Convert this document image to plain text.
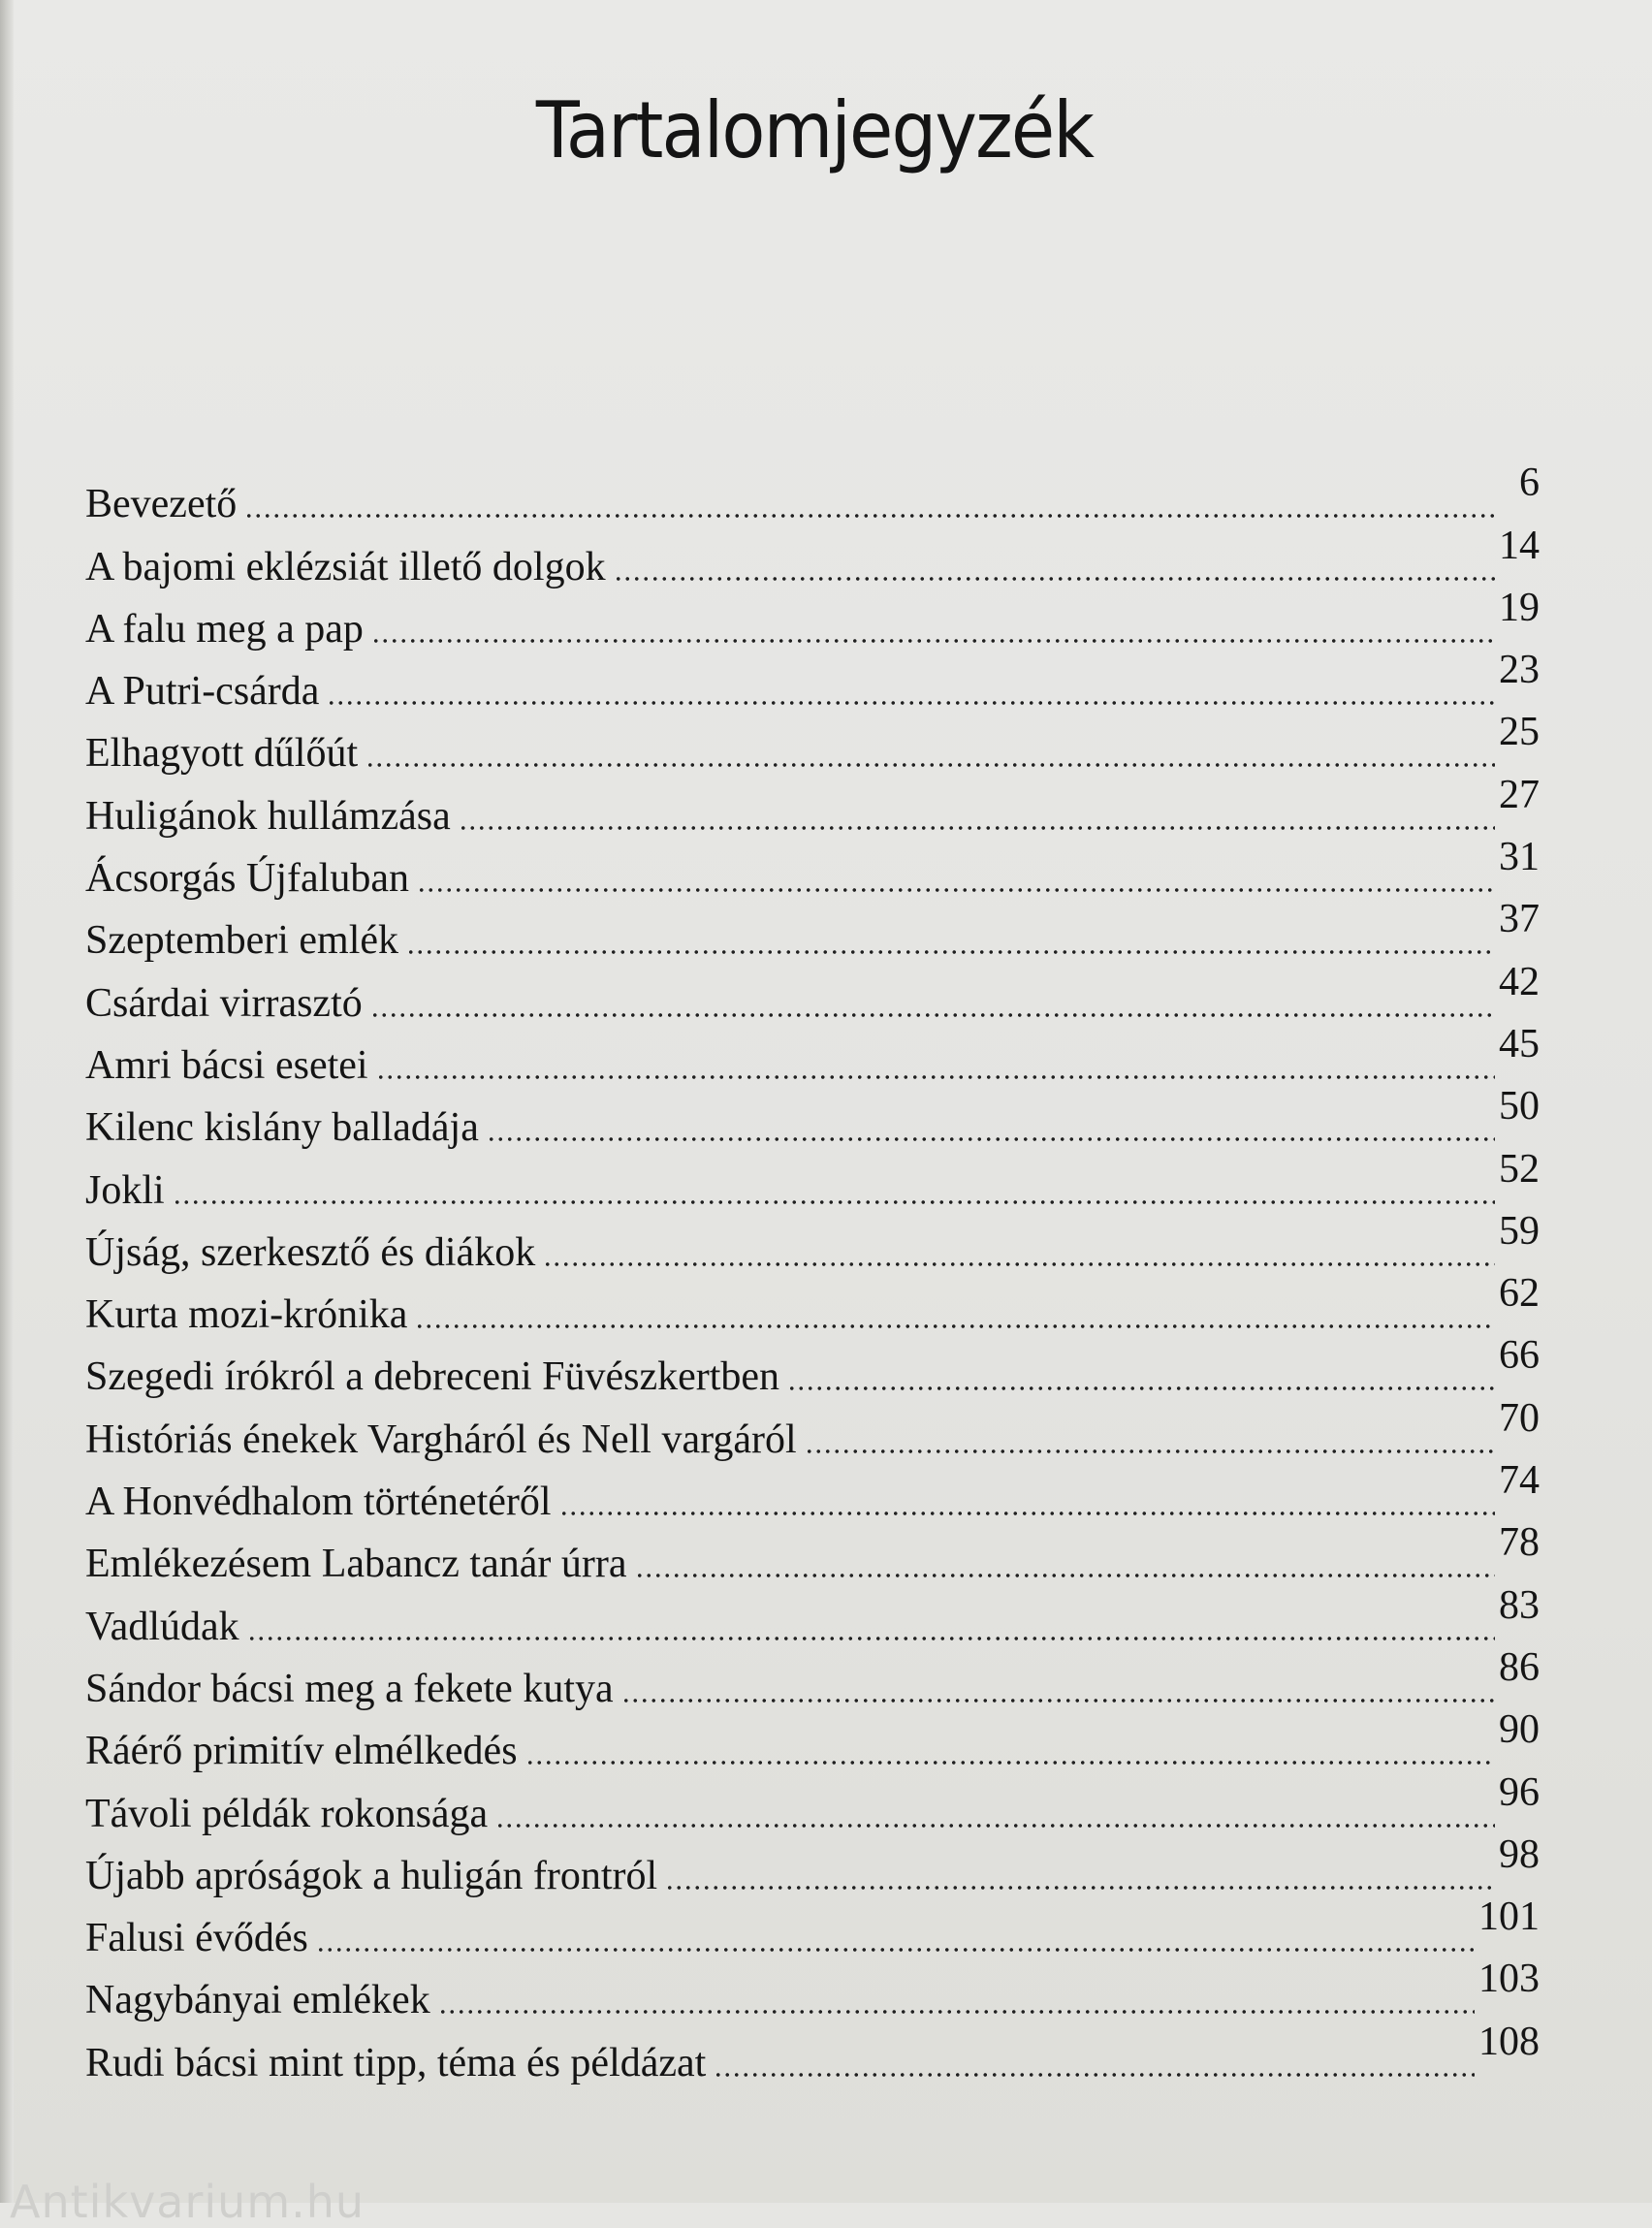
Tartalomjegyzék
Bevezető	6
A bajomi eklézsiát illető dolgok	14
A falu meg a pap	19
A Putri-csárda	23
Elhagyott dűlőút	25
Huligánok hullámzása	27
Ácsorgás Újfaluban	31
Szeptemberi emlék	37
Csárdai virrasztó	42
Amri bácsi esetei	45
Kilenc kislány balladája	50
Jokli	52
Újság, szerkesztő és diákok	59
Kurta mozi-krónika	62
Szegedi írókról a debreceni Füvészkertben	66
Históriás énekek Vargháról és Nell vargáról	70
A Honvédhalom történetéről	74
Emlékezésem Labancz tanár úrra	78
Vadlúdak	83
Sándor bácsi meg a fekete kutya	86
Ráérő primitív elmélkedés	90
Távoli példák rokonsága	96
Újabb apróságok a huligán frontról	98
Falusi évődés	101
Nagybányai emlékek	103
Rudi bácsi mint tipp, téma és példázat	108
Antikvarium.hu
